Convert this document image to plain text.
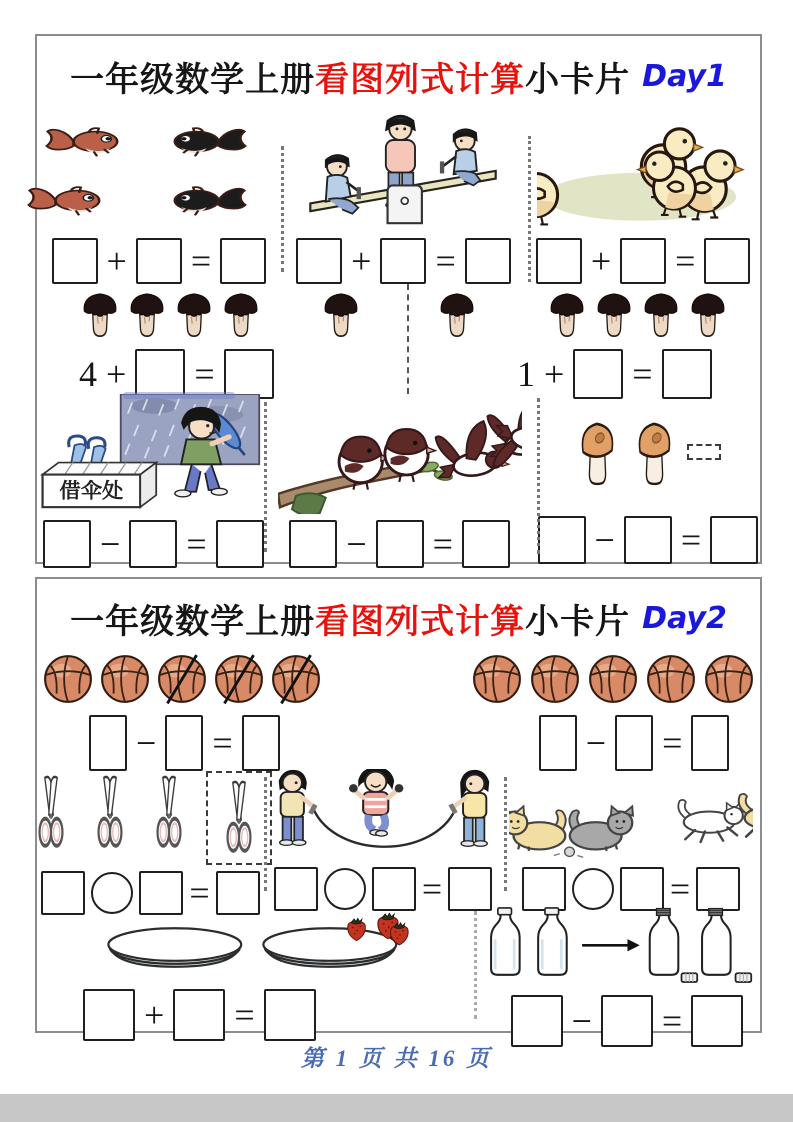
一年级数学上册看图列式计算小卡片 Day1
+ =	+ =	+ =
4 + =	1 + =
借伞处
− =	− =	− =
一年级数学上册看图列式计算小卡片 Day2
− =	− =
=	=	=
+ =	− =
第 1 页 共 16 页
